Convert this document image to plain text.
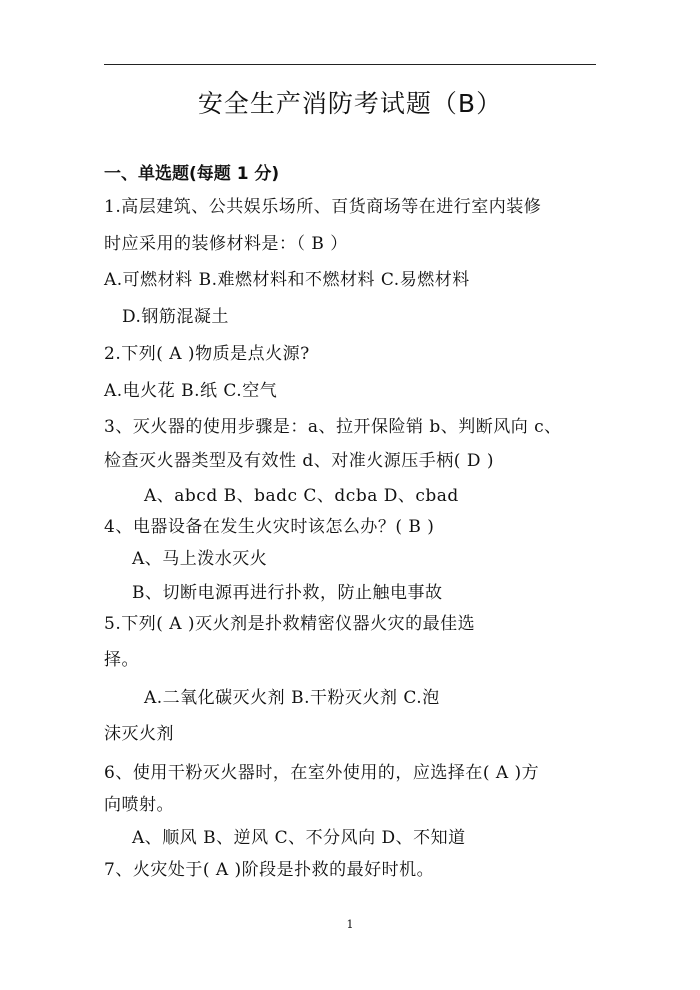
安全生产消防考试题（B）
一、单选题(每题 1 分)
1.高层建筑、公共娱乐场所、百货商场等在进行室内装修
时应采用的装修材料是：（ B ）
A.可燃材料 B.难燃材料和不燃材料 C.易燃材料
D.钢筋混凝土
2.下列( A )物质是点火源?
A.电火花 B.纸 C.空气
3、灭火器的使用步骤是：a、拉开保险销 b、判断风向 c、
检查灭火器类型及有效性 d、对准火源压手柄( D )
A、abcd B、badc C、dcba D、cbad
4、电器设备在发生火灾时该怎么办？( B )
A、马上泼水灭火
B、切断电源再进行扑救，防止触电事故
5.下列( A )灭火剂是扑救精密仪器火灾的最佳选
择。
A.二氧化碳灭火剂 B.干粉灭火剂 C.泡
沫灭火剂
6、使用干粉灭火器时，在室外使用的，应选择在( A )方
向喷射。
A、顺风 B、逆风 C、不分风向 D、不知道
7、火灾处于( A )阶段是扑救的最好时机。
1
